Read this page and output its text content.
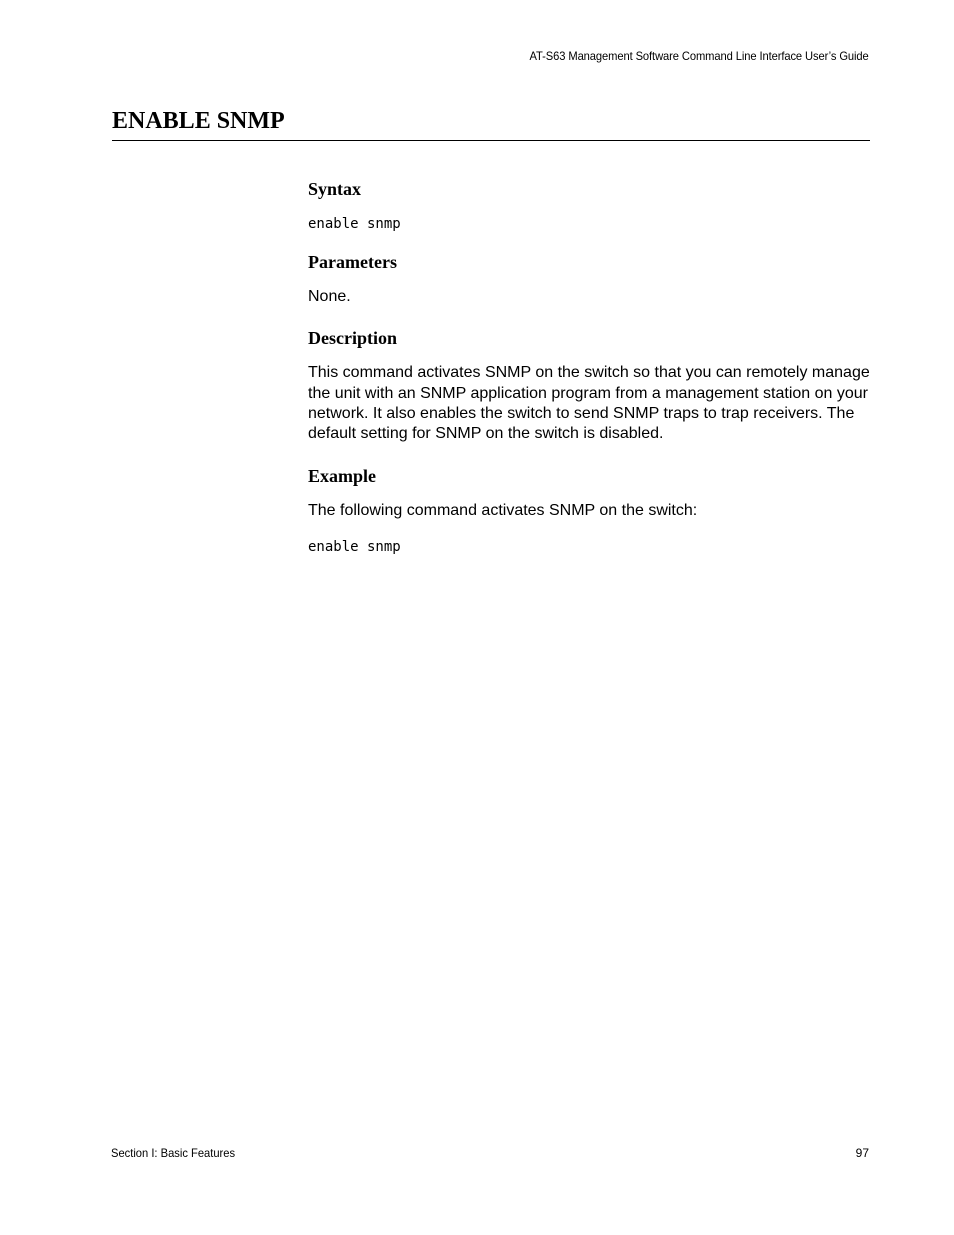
AT-S63 Management Software Command Line Interface User’s Guide
ENABLE SNMP
Syntax

enable snmp

Parameters

None.

Description

This command activates SNMP on the switch so that you can remotely manage the unit with an SNMP application program from a management station on your network. It also enables the switch to send SNMP traps to trap receivers. The default setting for SNMP on the switch is disabled.

Example

The following command activates SNMP on the switch:

enable snmp

Section I: Basic Features	97
